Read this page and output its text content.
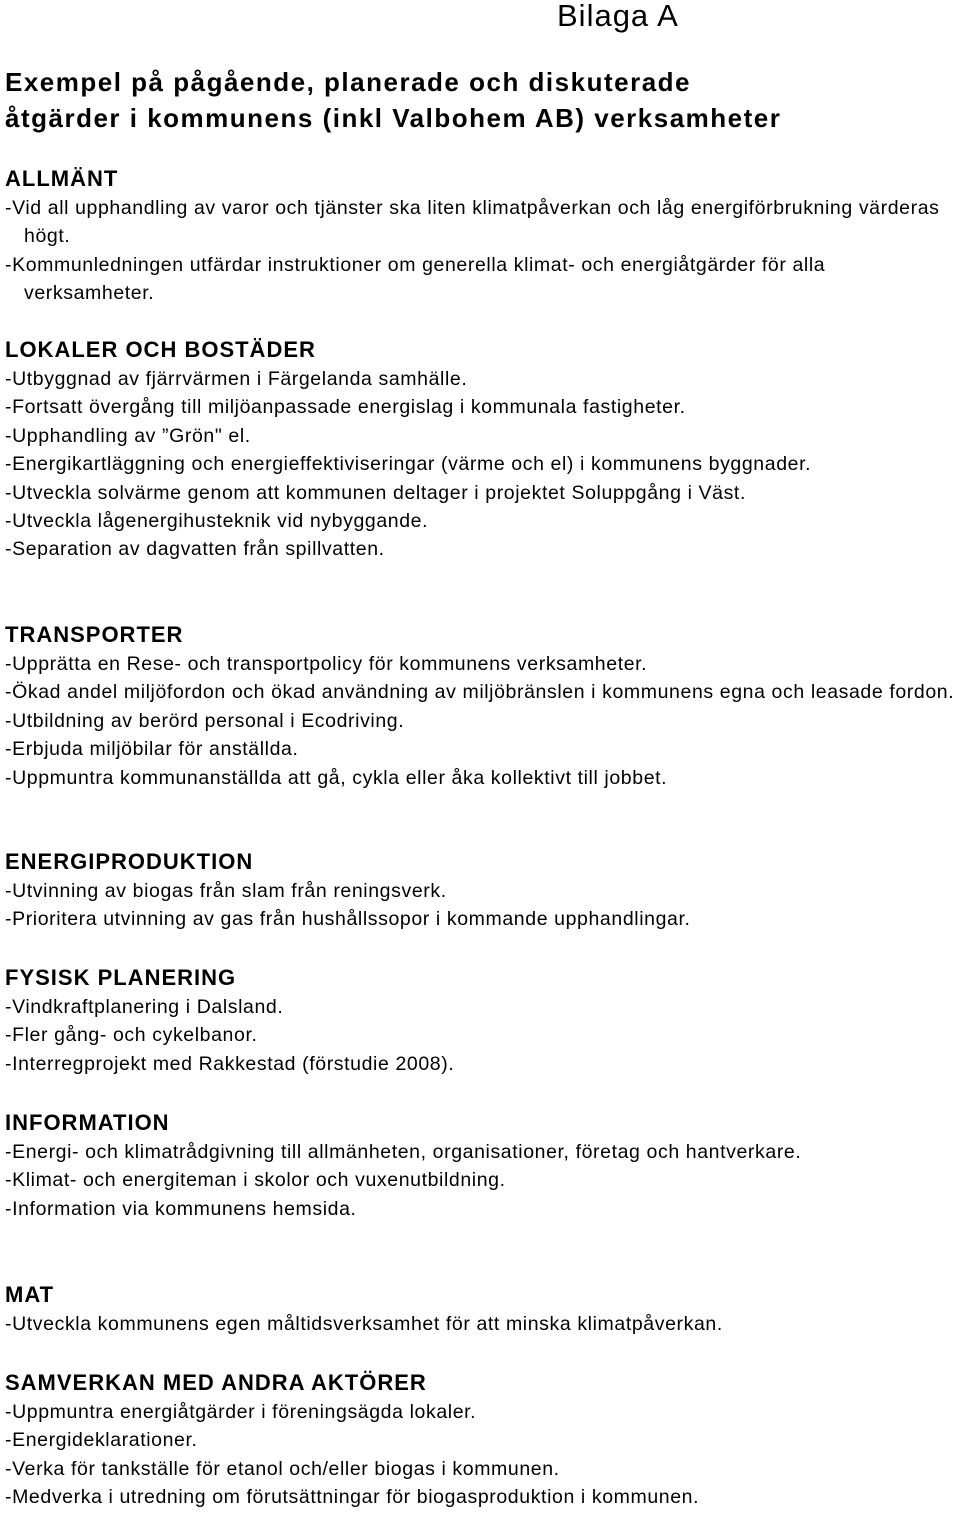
Bilaga A
Exempel på pågående, planerade och diskuterade
åtgärder i kommunens (inkl Valbohem AB) verksamheter
ALLMÄNT
-Vid all upphandling av varor och tjänster ska liten klimatpåverkan och låg energiförbrukning värderas högt.
-Kommunledningen utfärdar instruktioner om generella klimat- och energiåtgärder för alla verksamheter.
LOKALER OCH BOSTÄDER
-Utbyggnad av fjärrvärmen i Färgelanda samhälle.
-Fortsatt övergång till miljöanpassade energislag i kommunala fastigheter.
-Upphandling av ”Grön" el.
-Energikartläggning och energieffektiviseringar (värme och el) i kommunens byggnader.
-Utveckla solvärme genom att kommunen deltager i projektet Soluppgång i Väst.
-Utveckla lågenergihusteknik vid nybyggande.
-Separation av dagvatten från spillvatten.
TRANSPORTER
-Upprätta en Rese- och transportpolicy för kommunens verksamheter.
-Ökad andel miljöfordon och ökad användning av miljöbränslen i kommunens egna och leasade fordon.
-Utbildning av berörd personal i Ecodriving.
-Erbjuda miljöbilar för anställda.
-Uppmuntra kommunanställda att gå, cykla eller åka kollektivt till jobbet.
ENERGIPRODUKTION
-Utvinning av biogas från slam från reningsverk.
-Prioritera utvinning av gas från hushållssopor i kommande upphandlingar.
FYSISK PLANERING
-Vindkraftplanering i Dalsland.
-Fler gång- och cykelbanor.
-Interregprojekt med Rakkestad (förstudie 2008).
INFORMATION
-Energi- och klimatrådgivning till allmänheten, organisationer, företag och hantverkare.
-Klimat- och energiteman i skolor och vuxenutbildning.
-Information via kommunens hemsida.
MAT
-Utveckla kommunens egen måltidsverksamhet för att minska klimatpåverkan.
SAMVERKAN MED ANDRA AKTÖRER
-Uppmuntra energiåtgärder i föreningsägda lokaler.
-Energideklarationer.
-Verka för tankställe för etanol och/eller biogas i kommunen.
-Medverka i utredning om förutsättningar för biogasproduktion i kommunen.
